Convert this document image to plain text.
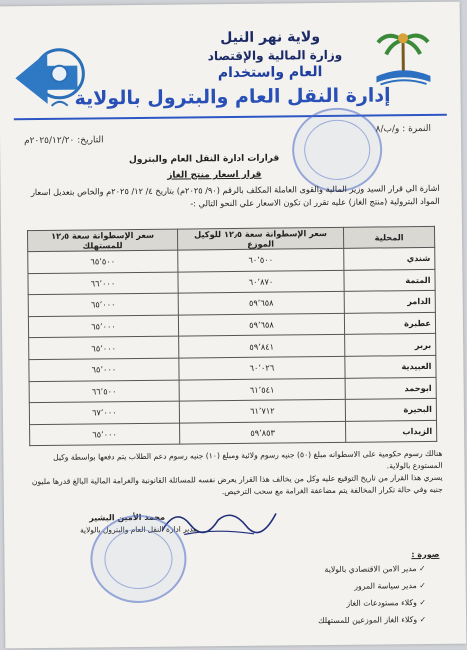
ولاية نهر النيل
وزارة المالية والإقتصاد
العام واستخدام
إدارة النقل العام والبترول بالولاية
النمرة : و/ب/۸
التاريخ: ٢٠٢٥/١٢/٢٠م
قرارات ادارة النقل العام والبترول
قرار اسعار منتج الغاز
اشارة الي قرار السيد وزير المالية والقوى العاملة المكلف بالرقم (٩٠/ ٢٠٢٥م) بتاريخ ٤/ ١٢/ ٢٠٢٥م والخاص بتعديل اسعار المواد البترولية (منتج الغاز) عليه تقرر ان تكون الاسعار علي النحو التالي :-
المحلية	سعر الإسطوانة سعة ١٢٫٥ للوكيل الموزع	سعر الإسطوانة سعة ١٢٫٥ للمستهلك
شندي	٦٠٬٥٠٠	٦٥٬٥٠٠
المتمة	٦٠٬٨٧٠	٦٦٬٠٠٠
الدامر	٥٩٬٦٥٨	٦٥٬٠٠٠
عطبرة	٥٩٬٦٥٨	٦٥٬٠٠٠
بربر	٥٩٬٨٤١	٦٥٬٠٠٠
العبيدية	٦٠٬٠٢٦	٦٥٬٠٠٠
ابوحمد	٦١٬٥٤١	٦٦٬٥٠٠
البحيرة	٦١٬٧١٢	٦٧٬٠٠٠
الزيداب	٥٩٬٨٥٣	٦٥٬٠٠٠

هنالك رسوم حكومية على الاسطوانه مبلغ (٥٠) جنيه رسوم ولائية ومبلغ (١٠) جنيه رسوم دعم الطلاب يتم دفعها بواسطة وكيل المستودع بالولاية.

يسري هذا القرار من تاريخ التوقيع عليه وكل من يخالف هذا القرار يعرض نفسه للمسائلة القانونية والغرامة المالية البالغ قدرها مليون جنيه وفي حالة تكرار المخالفة يتم مضاعفة الغرامة مع سحب الترخيص.

محمد الأمين البشير
مدير ادارة النقل العام والبترول بالولاية
صورة :
✓ مدير الامن الاقتصادي بالولاية
✓ مدير سياسة المرور
✓ وكلاء مستودعات الغاز
✓ وكلاء الغاز الموزعين للمستهلك
